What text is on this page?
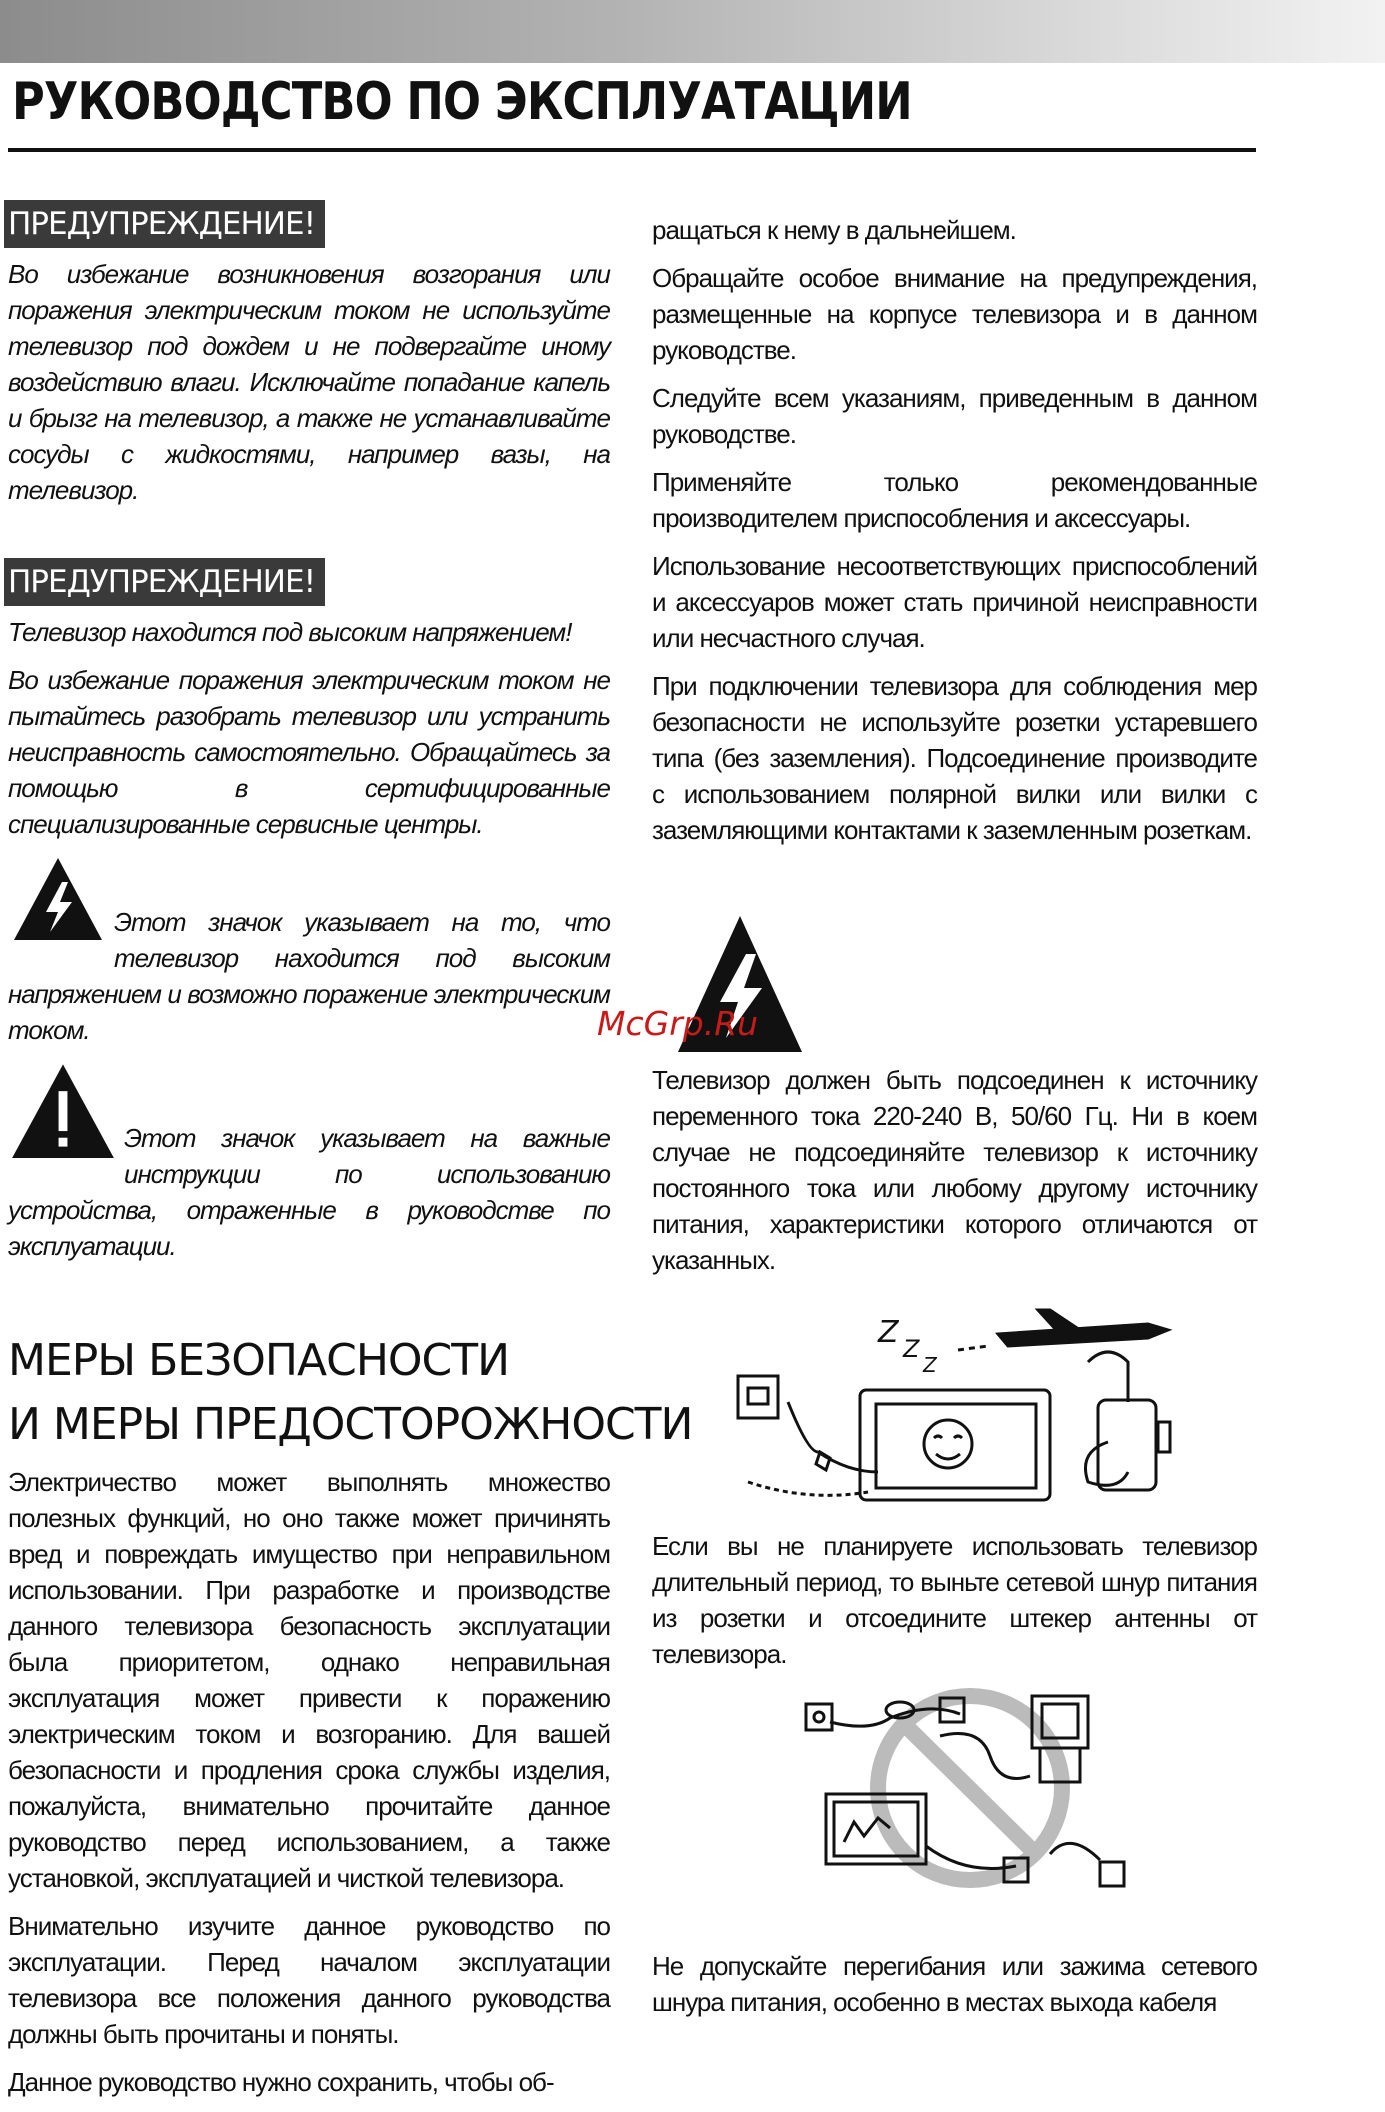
РУКОВОДСТВО ПО ЭКСПЛУАТАЦИИ
ПРЕДУПРЕЖДЕНИЕ!

Во избежание возникновения возгорания или поражения электрическим током не используйте телевизор под дождем и не подвергайте иному воздействию влаги. Исключайте попадание капель и брызг на телевизор, а также не устанавливайте сосуды с жидкостями, например вазы, на телевизор.

ПРЕДУПРЕЖДЕНИЕ!

Телевизор находится под высоким напряжением!

Во избежание поражения электрическим током не пытайтесь разобрать телевизор или устранить неисправность самостоятельно. Обращайтесь за помощью в сертифицированные специализированные сервисные центры.

Этот значок указывает на то, что телевизор находится под высоким напряжением и возможно поражение электрическим током.

Этот значок указывает на важные инструкции по использованию устройства, отраженные в руководстве по эксплуатации.

МЕРЫ БЕЗОПАСНОСТИ
И МЕРЫ ПРЕДОСТОРОЖНОСТИ

Электричество может выполнять множество полезных функций, но оно также может причинять вред и повреждать имущество при неправильном использовании. При разработке и производстве данного телевизора безопасность эксплуатации была приоритетом, однако неправильная эксплуатация может привести к поражению электрическим током и возгоранию. Для вашей безопасности и продления срока службы изделия, пожалуйста, внимательно прочитайте данное руководство перед использованием, а также установкой, эксплуатацией и чисткой телевизора.

Внимательно изучите данное руководство по эксплуатации. Перед началом эксплуатации телевизора все положения данного руководства должны быть прочитаны и поняты.

Данное руководство нужно сохранить, чтобы об-

ращаться к нему в дальнейшем.

Обращайте особое внимание на предупреждения, размещенные на корпусе телевизора и в данном руководстве.

Следуйте всем указаниям, приведенным в данном руководстве.

Применяйте только рекомендованные производителем приспособления и аксессуары.

Использование несоответствующих приспособлений и аксессуаров может стать причиной неисправности или несчастного случая.

При подключении телевизора для соблюдения мер безопасности не используйте розетки устаревшего типа (без заземления). Подсоединение производите с использованием полярной вилки или вилки с заземляющими контактами к заземленным розеткам.

McGrp.Ru

Телевизор должен быть подсоединен к источнику переменного тока 220-240 В, 50/60 Гц. Ни в коем случае не подсоединяйте телевизор к источнику постоянного тока или любому другому источнику питания, характеристики которого отличаются от указанных.

Z Z
Z

Если вы не планируете использовать телевизор длительный период, то выньте сетевой шнур питания из розетки и отсоедините штекер антенны от телевизора.

Не допускайте перегибания или зажима сетевого шнура питания, особенно в местах выхода кабеля
